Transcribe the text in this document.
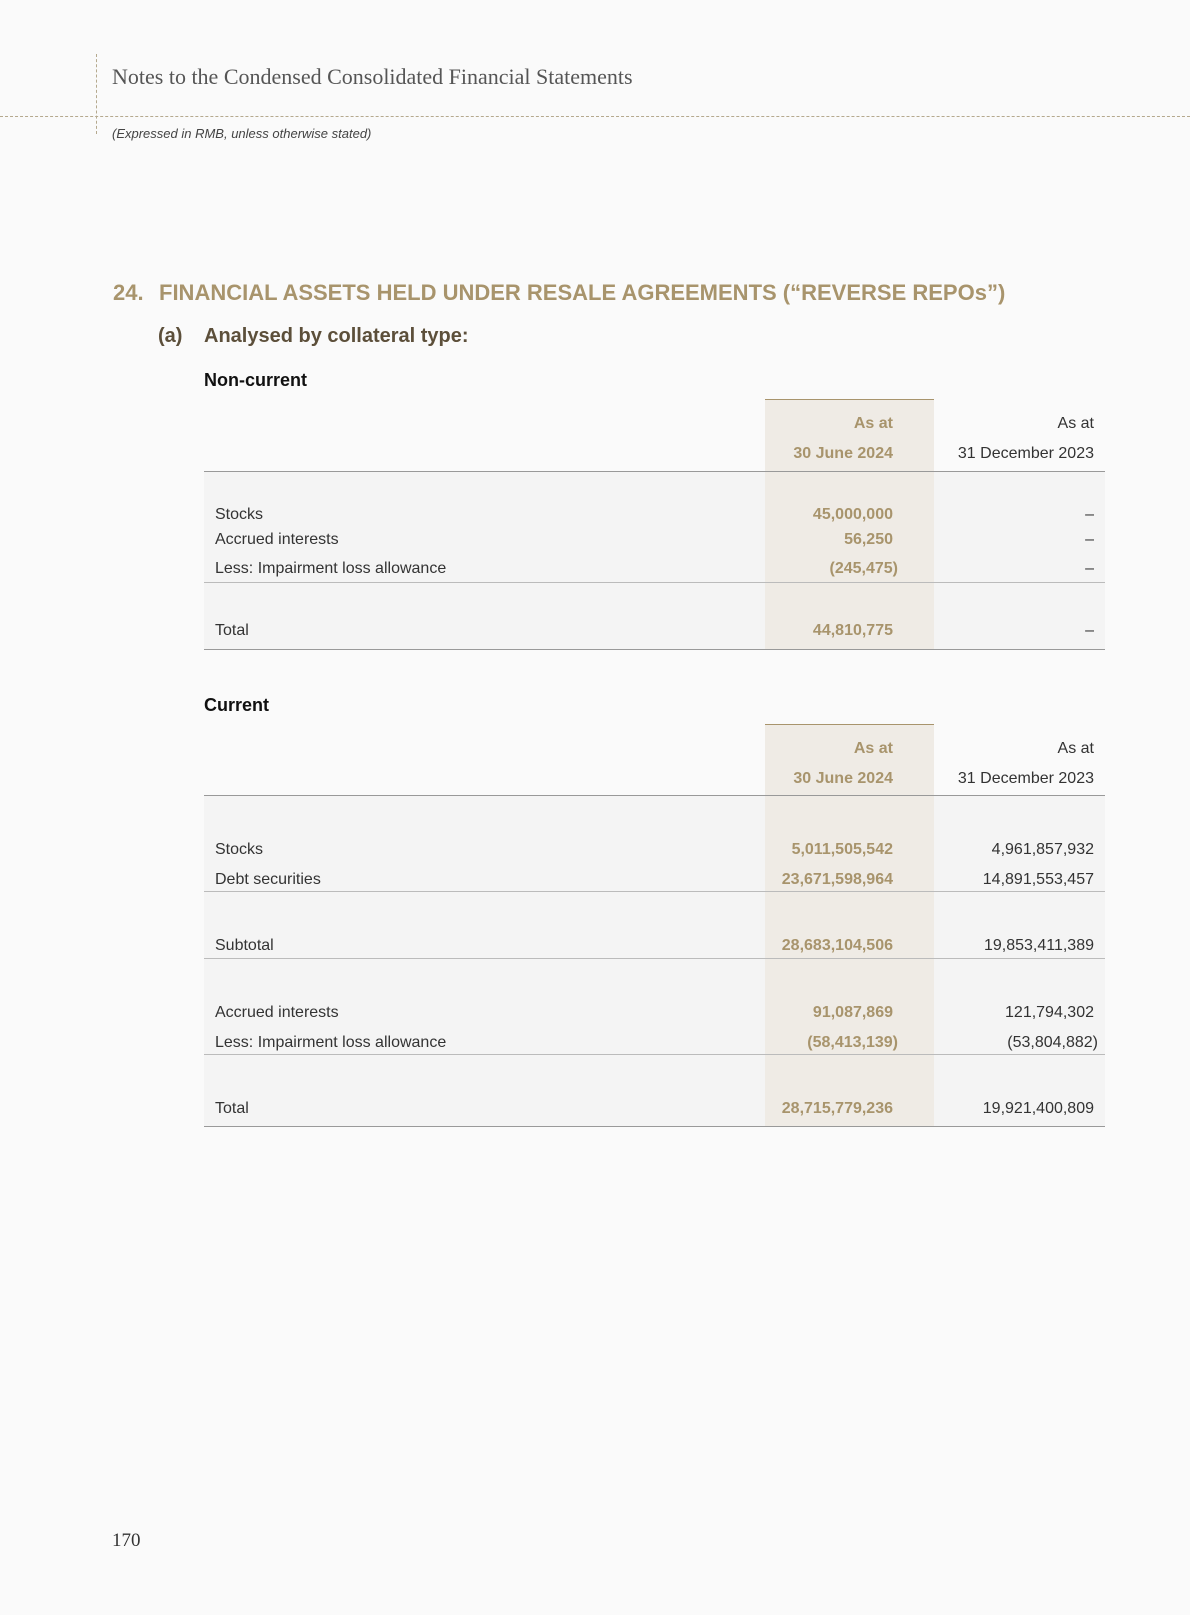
Notes to the Condensed Consolidated Financial Statements
(Expressed in RMB, unless otherwise stated)
24. FINANCIAL ASSETS HELD UNDER RESALE AGREEMENTS (“REVERSE REPOs”)
(a) Analysed by collateral type:
Non-current
As at	As at
30 June 2024	31 December 2023
Stocks	45,000,000	–
Accrued interests	56,250	–
Less: Impairment loss allowance	(245,475)	–
Total	44,810,775	–
Current
As at	As at
30 June 2024	31 December 2023
Stocks	5,011,505,542	4,961,857,932
Debt securities	23,671,598,964	14,891,553,457
Subtotal	28,683,104,506	19,853,411,389
Accrued interests	91,087,869	121,794,302
Less: Impairment loss allowance	(58,413,139)	(53,804,882)
Total	28,715,779,236	19,921,400,809
170
